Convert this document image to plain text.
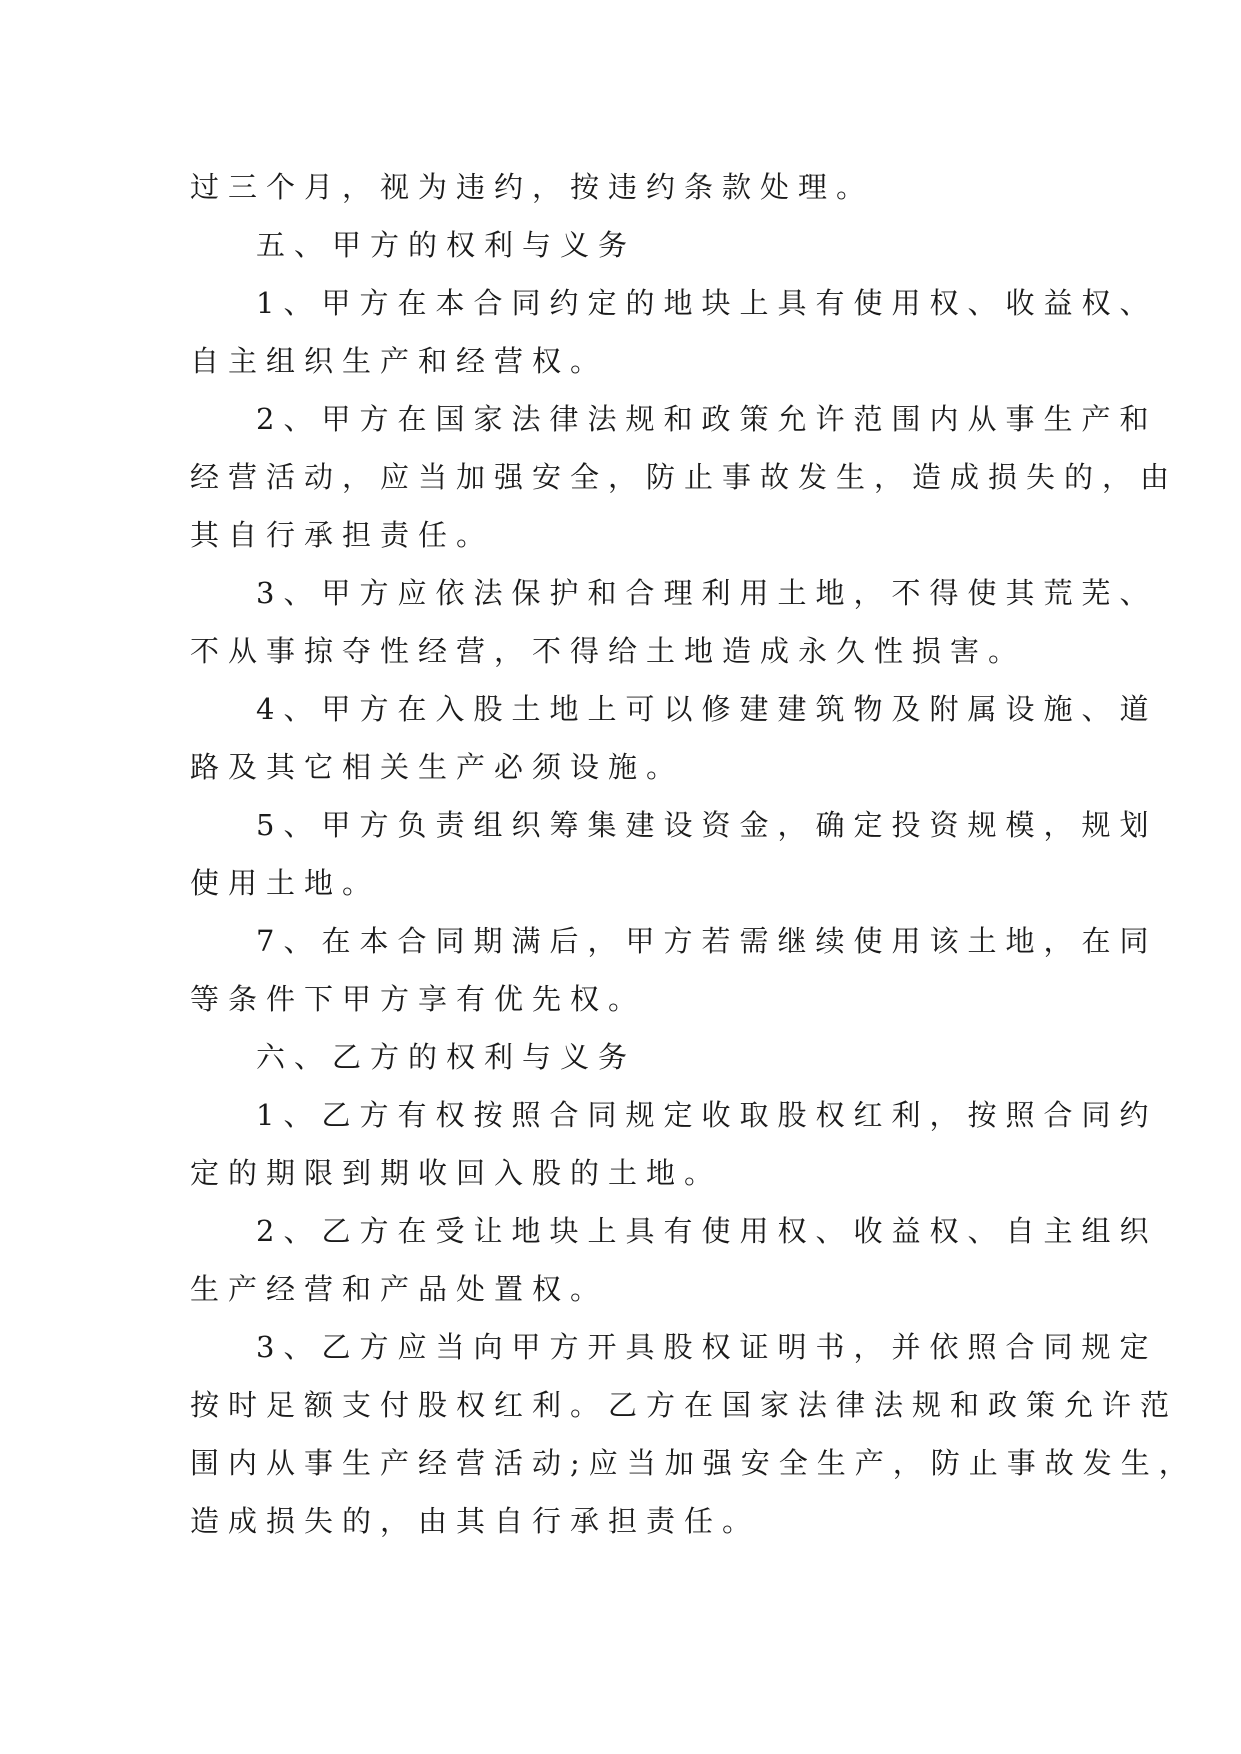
过三个月，视为违约，按违约条款处理。
五、甲方的权利与义务
1、甲方在本合同约定的地块上具有使用权、收益权、
自主组织生产和经营权。
2、甲方在国家法律法规和政策允许范围内从事生产和
经营活动，应当加强安全，防止事故发生，造成损失的，由
其自行承担责任。
3、甲方应依法保护和合理利用土地，不得使其荒芜、
不从事掠夺性经营，不得给土地造成永久性损害。
4、甲方在入股土地上可以修建建筑物及附属设施、道
路及其它相关生产必须设施。
5、甲方负责组织筹集建设资金，确定投资规模，规划
使用土地。
7、在本合同期满后，甲方若需继续使用该土地，在同
等条件下甲方享有优先权。
六、乙方的权利与义务
1、乙方有权按照合同规定收取股权红利，按照合同约
定的期限到期收回入股的土地。
2、乙方在受让地块上具有使用权、收益权、自主组织
生产经营和产品处置权。
3、乙方应当向甲方开具股权证明书，并依照合同规定
按时足额支付股权红利。乙方在国家法律法规和政策允许范
围内从事生产经营活动;应当加强安全生产，防止事故发生，
造成损失的，由其自行承担责任。
